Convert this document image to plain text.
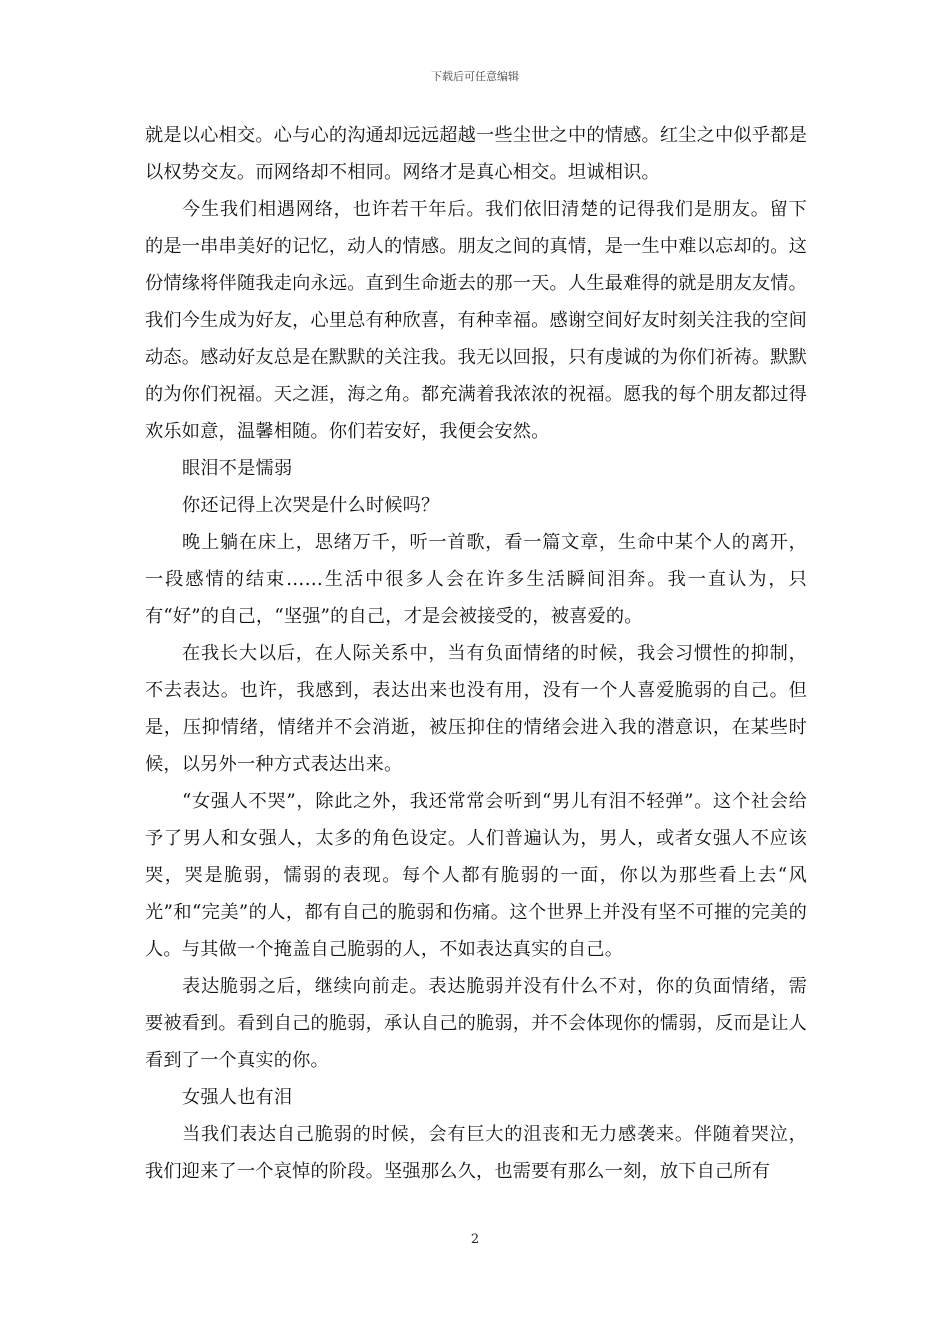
下载后可任意编辑

就是以心相交。心与心的沟通却远远超越一些尘世之中的情感。红尘之中似乎都是以权势交友。而网络却不相同。网络才是真心相交。坦诚相识。

今生我们相遇网络，也许若干年后。我们依旧清楚的记得我们是朋友。留下的是一串串美好的记忆，动人的情感。朋友之间的真情，是一生中难以忘却的。这份情缘将伴随我走向永远。直到生命逝去的那一天。人生最难得的就是朋友友情。我们今生成为好友，心里总有种欣喜，有种幸福。感谢空间好友时刻关注我的空间动态。感动好友总是在默默的关注我。我无以回报，只有虔诚的为你们祈祷。默默的为你们祝福。天之涯，海之角。都充满着我浓浓的祝福。愿我的每个朋友都过得欢乐如意，温馨相随。你们若安好，我便会安然。

眼泪不是懦弱

你还记得上次哭是什么时候吗？

晚上躺在床上，思绪万千，听一首歌，看一篇文章，生命中某个人的离开，一段感情的结束……生活中很多人会在许多生活瞬间泪奔。我一直认为，只有“好”的自己，“坚强”的自己，才是会被接受的，被喜爱的。

在我长大以后，在人际关系中，当有负面情绪的时候，我会习惯性的抑制，不去表达。也许，我感到，表达出来也没有用，没有一个人喜爱脆弱的自己。但是，压抑情绪，情绪并不会消逝，被压抑住的情绪会进入我的潜意识，在某些时候，以另外一种方式表达出来。

“女强人不哭”，除此之外，我还常常会听到“男儿有泪不轻弹”。这个社会给予了男人和女强人，太多的角色设定。人们普遍认为，男人，或者女强人不应该哭，哭是脆弱，懦弱的表现。每个人都有脆弱的一面，你以为那些看上去“风光”和“完美”的人，都有自己的脆弱和伤痛。这个世界上并没有坚不可摧的完美的人。与其做一个掩盖自己脆弱的人，不如表达真实的自己。

表达脆弱之后，继续向前走。表达脆弱并没有什么不对，你的负面情绪，需要被看到。看到自己的脆弱，承认自己的脆弱，并不会体现你的懦弱，反而是让人看到了一个真实的你。

女强人也有泪

当我们表达自己脆弱的时候，会有巨大的沮丧和无力感袭来。伴随着哭泣，我们迎来了一个哀悼的阶段。坚强那么久，也需要有那么一刻，放下自己所有

2
